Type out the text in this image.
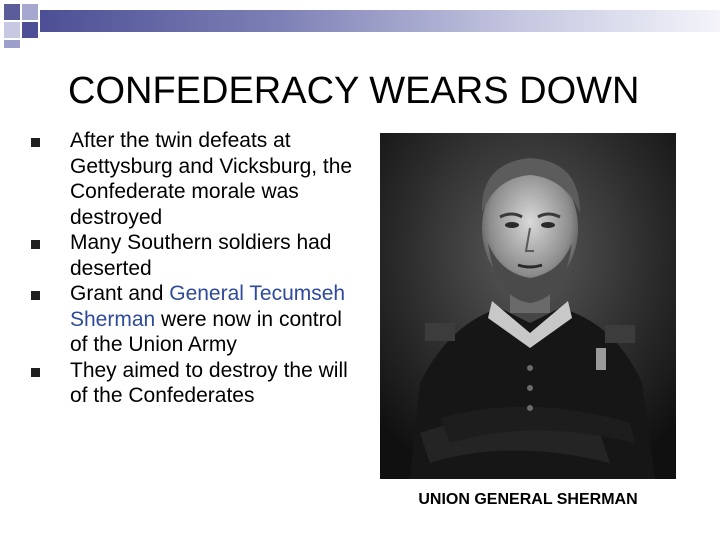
CONFEDERACY WEARS DOWN
After the twin defeats at Gettysburg and Vicksburg, the Confederate morale was destroyed
Many Southern soldiers had deserted
Grant and General Tecumseh Sherman were now in control of the Union Army
They aimed to destroy the will of the Confederates
UNION GENERAL SHERMAN
